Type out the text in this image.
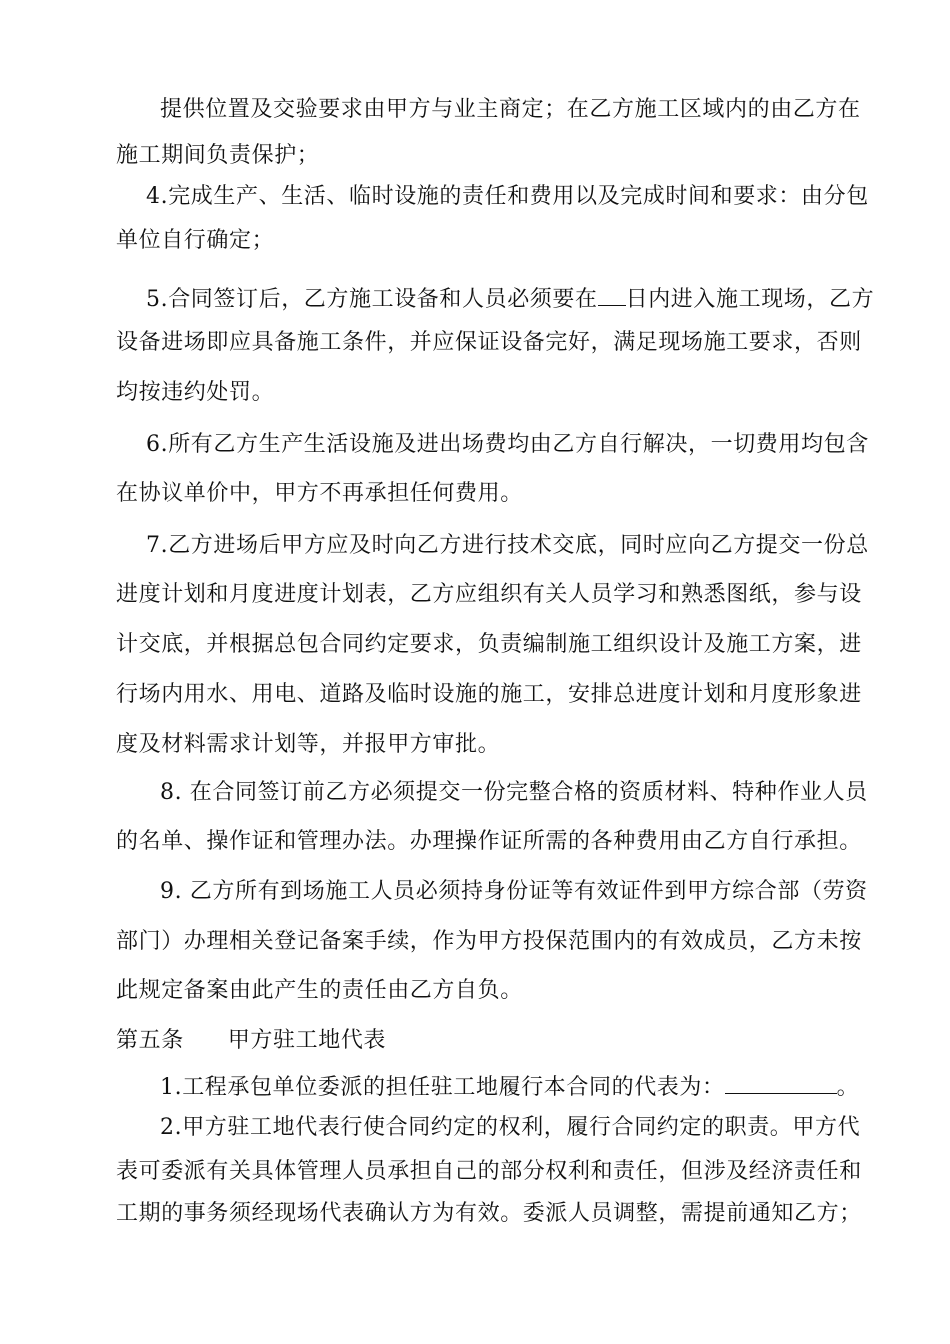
提供位置及交验要求由甲方与业主商定；在乙方施工区域内的由乙方在
施工期间负责保护；
4.完成生产、生活、临时设施的责任和费用以及完成时间和要求：由分包
单位自行确定；
5.合同签订后，乙方施工设备和人员必须要在 日内进入施工现场，乙方
设备进场即应具备施工条件，并应保证设备完好，满足现场施工要求，否则
均按违约处罚。
6.所有乙方生产生活设施及进出场费均由乙方自行解决，一切费用均包含
在协议单价中，甲方不再承担任何费用。
7.乙方进场后甲方应及时向乙方进行技术交底，同时应向乙方提交一份总
进度计划和月度进度计划表，乙方应组织有关人员学习和熟悉图纸，参与设
计交底，并根据总包合同约定要求，负责编制施工组织设计及施工方案，进
行场内用水、用电、道路及临时设施的施工，安排总进度计划和月度形象进
度及材料需求计划等，并报甲方审批。
8. 在合同签订前乙方必须提交一份完整合格的资质材料、特种作业人员
的名单、操作证和管理办法。办理操作证所需的各种费用由乙方自行承担。
9. 乙方所有到场施工人员必须持身份证等有效证件到甲方综合部（劳资
部门）办理相关登记备案手续，作为甲方投保范围内的有效成员，乙方未按
此规定备案由此产生的责任由乙方自负。
第五条 甲方驻工地代表
1.工程承包单位委派的担任驻工地履行本合同的代表为：	。
2.甲方驻工地代表行使合同约定的权利，履行合同约定的职责。甲方代
表可委派有关具体管理人员承担自己的部分权利和责任，但涉及经济责任和
工期的事务须经现场代表确认方为有效。委派人员调整，需提前通知乙方；
